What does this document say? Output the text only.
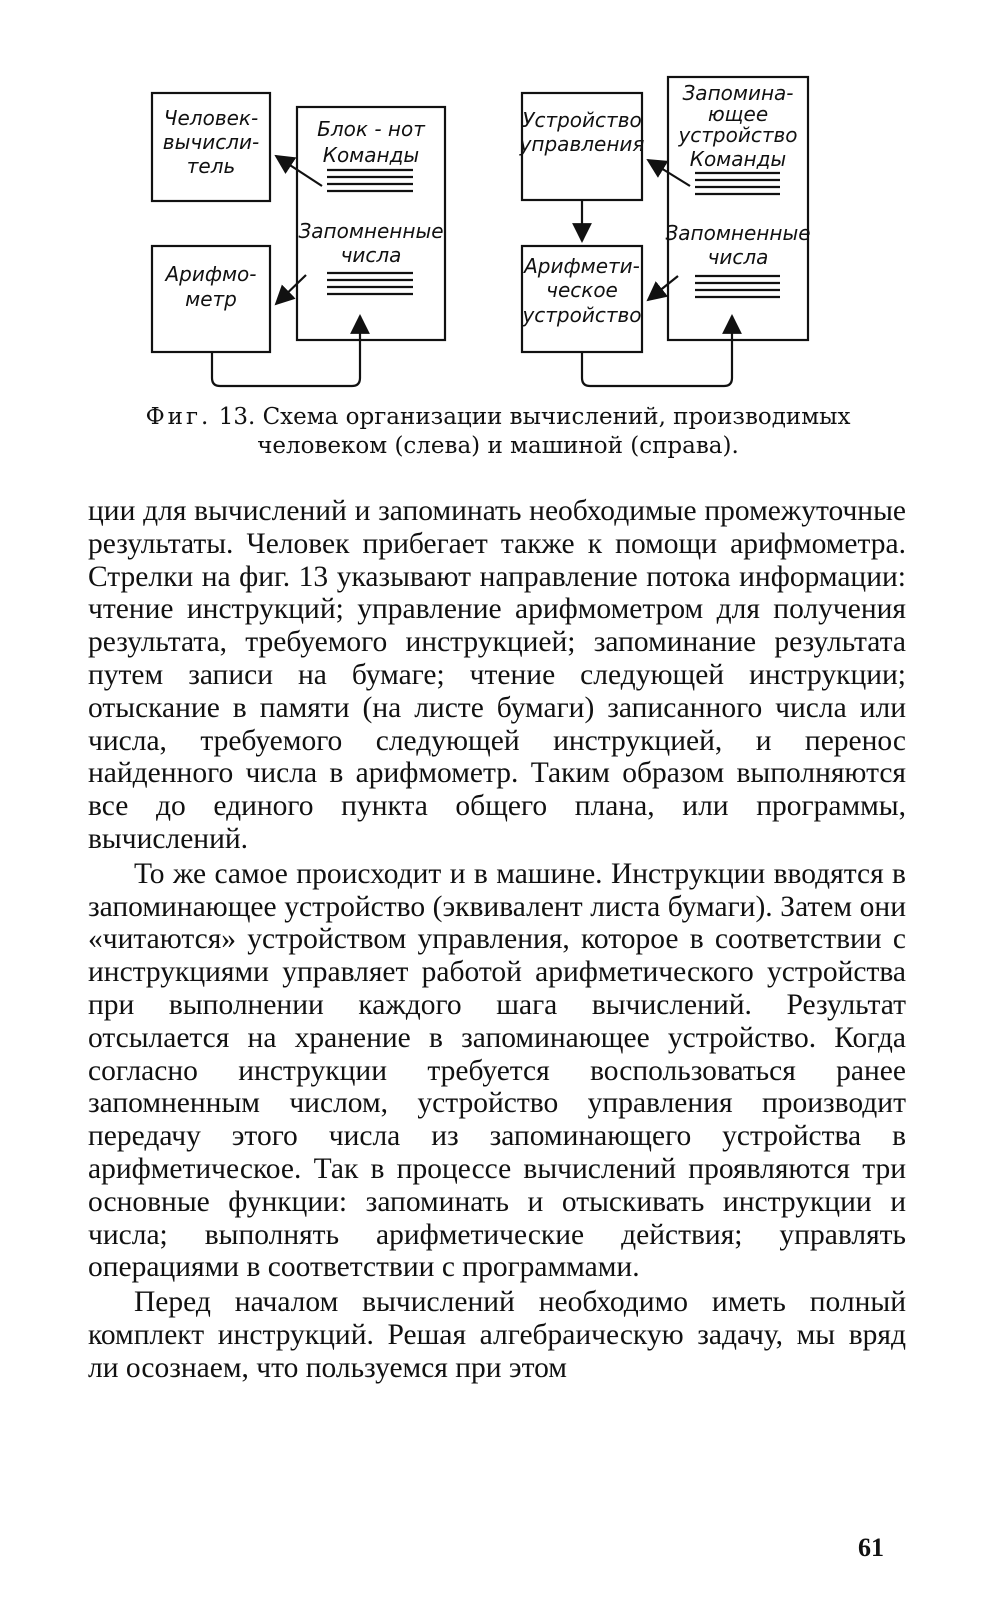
Человек-
вычисли-
тель
Арифмо-
метр
Блок - нот
Команды
Запомненные
числа
Устройство
управления
Арифмети-
ческое
устройство
Запомина-
ющее
устройство
Команды
Запомненные
числа
Фиг. 13. Схема организации вычислений, производимых человеком (слева) и машиной (справа).

ции для вычислений и запоминать необходимые промежуточные результаты. Человек прибегает также к помощи арифмометра. Стрелки на фиг. 13 указывают направление потока информации: чтение инструкций; управление арифмометром для получения результата, требуемого инструкцией; запоминание результата путем записи на бумаге; чтение следующей инструкции; отыскание в памяти (на листе бумаги) записанного числа или числа, требуемого следующей инструкцией, и перенос найденного числа в арифмометр. Таким образом выполняются все до единого пункта общего плана, или программы, вычислений.

То же самое происходит и в машине. Инструкции вводятся в запоминающее устройство (эквивалент листа бумаги). Затем они «читаются» устройством управления, которое в соответствии с инструкциями управляет работой арифметического устройства при выполнении каждого шага вычислений. Результат отсылается на хранение в запоминающее устройство. Когда согласно инструкции требуется воспользоваться ранее запомненным числом, устройство управления производит передачу этого числа из запоминающего устройства в арифметическое. Так в процессе вычислений проявляются три основные функции: запоминать и отыскивать инструкции и числа; выполнять арифметические действия; управлять операциями в соответствии с программами.

Перед началом вычислений необходимо иметь полный комплект инструкций. Решая алгебраическую задачу, мы вряд ли осознаем, что пользуемся при этом

61
